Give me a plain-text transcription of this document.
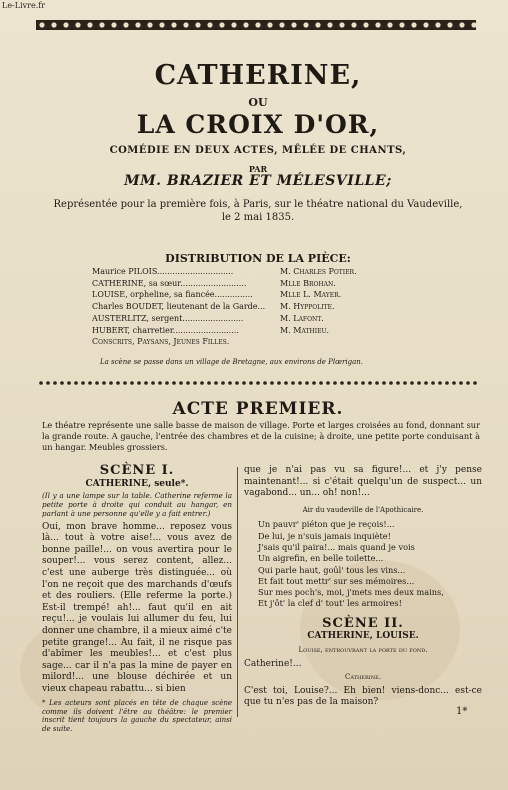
Le-Livre.fr
CATHERINE,
OU
LA CROIX D'OR,
COMÉDIE EN DEUX ACTES, MÊLÉE DE CHANTS,
PAR
MM. BRAZIER ET MÉLESVILLE;
Représentée pour la première fois, à Paris, sur le théatre national du Vaudeville,
le 2 mai 1835.
DISTRIBUTION DE LA PIÈCE:
Maurice PILOIS..............................	M. Charles Potier.
CATHERINE, sa sœur..........................	Mlle Brohan.
LOUISE, orpheline, sa fiancée...............	Mlle L. Mayer.
Charles BOUDET, lieutenant de la Garde...	M. Hyppolite.
AUSTERLITZ, sergent........................	M. Lafont.
HUBERT, charretier..........................	M. Mathieu.
Conscrits, Paysans, Jeunes Filles.
La scène se passe dans un village de Bretagne, aux environs de Plœrigan.
ACTE PREMIER.
Le théatre représente une salle basse de maison de village. Porte et larges croisées au fond, donnant sur la grande route. A gauche, l'entrée des chambres et de la cuisine; à droite, une petite porte conduisant à un hangar. Meubles grossiers.
SCÈNE I.
CATHERINE, seule*.
(Il y a une lampe sur la table. Catherine referme la petite porte à droite qui conduit au hangar, en parlant à une personne qu'elle y a fait entrer.)
Oui, mon brave homme... reposez vous là... tout à votre aise!... vous avez de bonne paille!... on vous avertira pour le souper!... vous serez content, allez... c'est une auberge très distinguée... où l'on ne reçoit que des marchands d'œufs et des rouliers. (Elle referme la porte.) Est-il trempé! ah!... faut qu'il en ait reçu!... je voulais lui allumer du feu, lui donner une chambre, il a mieux aimé c'te petite grange!... Au fait, il ne risque pas d'abîmer les meubles!... et c'est plus sage... car il n'a pas la mine de payer en milord!... une blouse déchirée et un vieux chapeau rabattu... si bien
* Les acteurs sont placés en tête de chaque scène comme ils doivent l'être au théâtre: le premier inscrit tient toujours la gauche du spectateur, ainsi de suite.
que je n'ai pas vu sa figure!... et j'y pense maintenant!... si c'était quelqu'un de suspect... un vagabond... un... oh! non!...
Air du vaudeville de l'Apothicaire.
Un pauvr' piéton que je reçois!...
De lui, je n'suis jamais inquiète!
J'sais qu'il paira!... mais quand je vois
Un aigrefin, en belle toilette...
Qui parle haut, goûl' tous les vins...
Et fait tout mettr' sur ses mémoires...
Sur mes poch's, moi, j'mets mes deux mains,
Et j'ôt' la clef d' tout' les armoires!
SCÈNE II.
CATHERINE, LOUISE.
Louise, entrouvrant la porte du fond.
Catherine!...
Catherine.
C'est toi, Louise?... Eh bien! viens-donc... est-ce que tu n'es pas de la maison?
1*
